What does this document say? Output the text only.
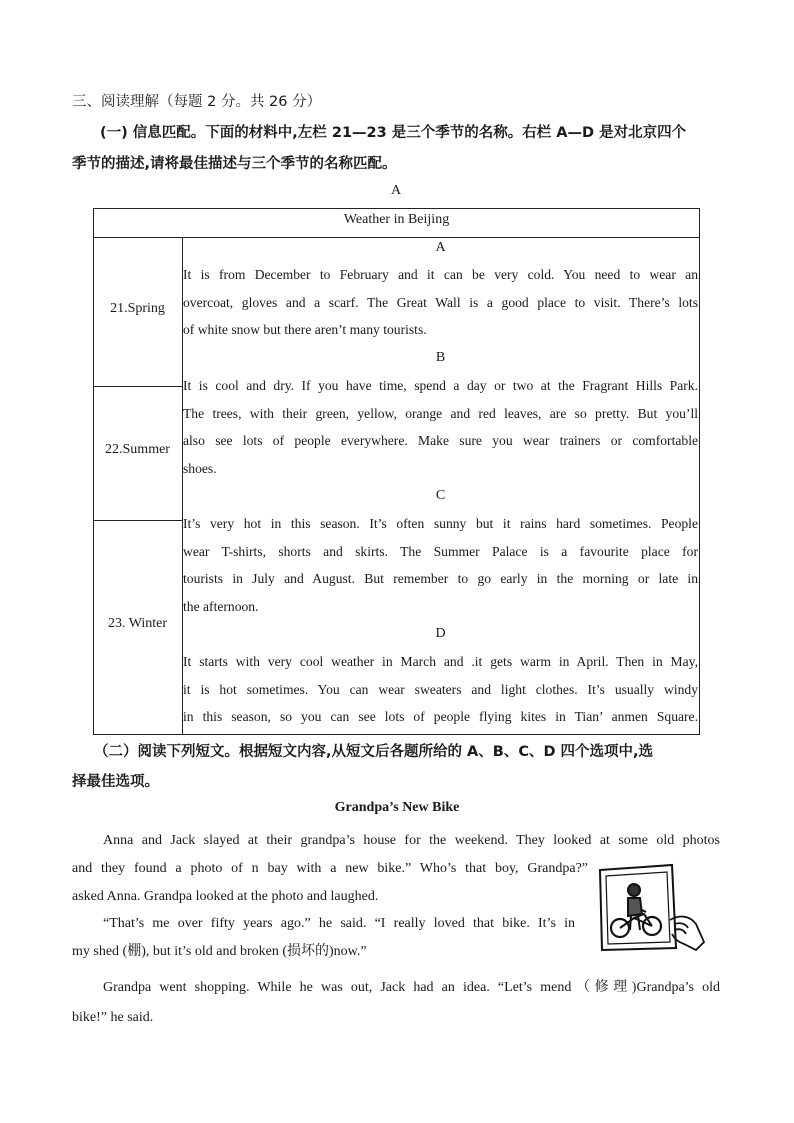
三、阅读理解（每题 2 分。共 26 分）
(一) 信息匹配。下面的材料中,左栏 21—23 是三个季节的名称。右栏 A—D 是对北京四个
季节的描述,请将最佳描述与三个季节的名称匹配。
A
Weather in Beijing
21.Spring
22.Summer
23. Winter
A
It is from December to February and it can be very cold. You need to wear an
overcoat, gloves and a scarf. The Great Wall is a good place to visit. There’s lots
of white snow but there aren’t many tourists.
B
It is cool and dry. If you have time, spend a day or two at the Fragrant Hills Park.
The trees, with their green, yellow, orange and red leaves, are so pretty. But you’ll
also see lots of people everywhere. Make sure you wear trainers or comfortable
shoes.
C
It’s very hot in this season. It’s often sunny but it rains hard sometimes. People
wear T-shirts, shorts and skirts. The Summer Palace is a favourite place for
tourists in July and August. But remember to go early in the morning or late in
the afternoon.
D
It starts with very cool weather in March and .it gets warm in April. Then in May,
it is hot sometimes. You can wear sweaters and light clothes. It’s usually windy
in this season, so you can see lots of people flying kites in Tian’ anmen Square.
（二）阅读下列短文。根据短文内容,从短文后各题所给的 A、B、C、D 四个选项中,选
择最佳选项。
Grandpa’s New Bike
Anna and Jack slayed at their grandpa’s house for the weekend. They looked at some old photos
and they found a photo of n bay with a new bike.” Who’s that boy, Grandpa?”
asked Anna. Grandpa looked at the photo and laughed.
“That’s me over fifty years ago.” he said. “I really loved that bike. It’s in
my shed (棚), but it’s old and broken (损坏的)now.”
Grandpa went shopping. While he was out, Jack had an idea. “Let’s mend（修理)Grandpa’s old
bike!” he said.
